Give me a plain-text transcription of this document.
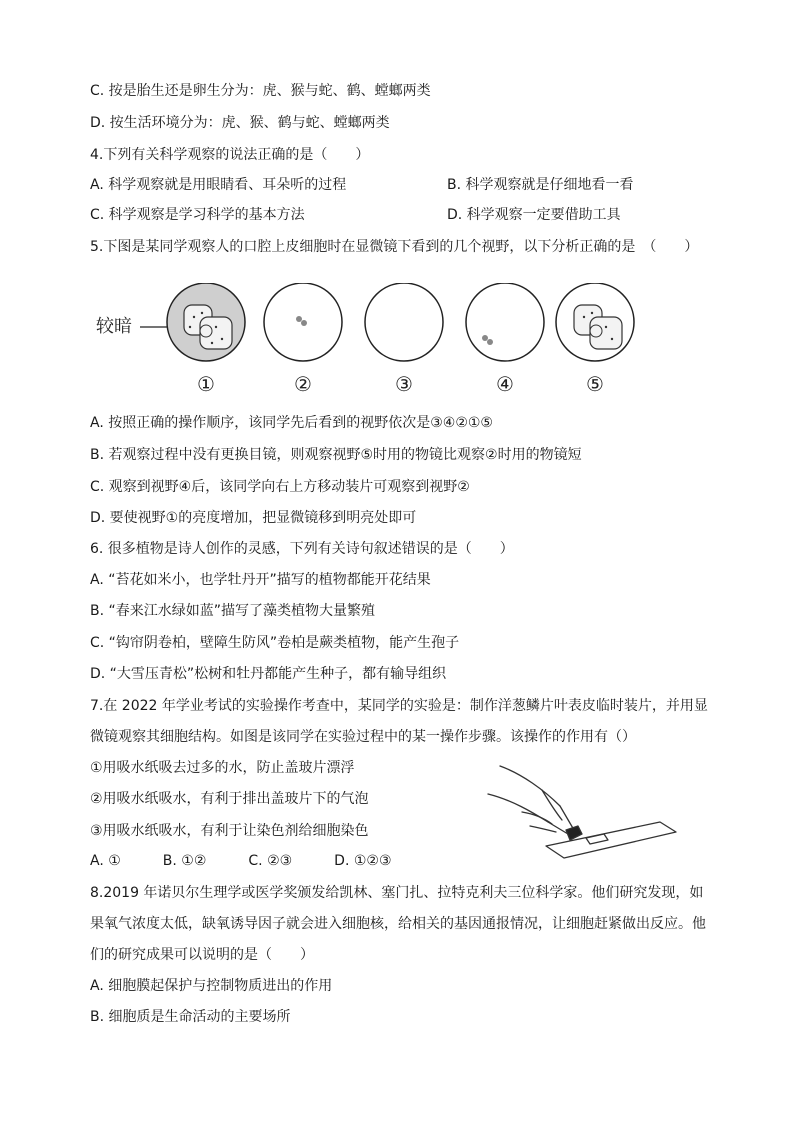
C. 按是胎生还是卵生分为：虎、猴与蛇、鹤、螳螂两类
D. 按生活环境分为：虎、猴、鹤与蛇、螳螂两类
4.下列有关科学观察的说法正确的是（　　）
A. 科学观察就是用眼睛看、耳朵听的过程	B. 科学观察就是仔细地看一看
C. 科学观察是学习科学的基本方法	D. 科学观察一定要借助工具
5.下图是某同学观察人的口腔上皮细胞时在显微镜下看到的几个视野，以下分析正确的是　（　　）
较暗
①	②	③	④	⑤
A. 按照正确的操作顺序，该同学先后看到的视野依次是③④②①⑤
B. 若观察过程中没有更换目镜，则观察视野⑤时用的物镜比观察②时用的物镜短
C. 观察到视野④后，该同学向右上方移动装片可观察到视野②
D. 要使视野①的亮度增加，把显微镜移到明亮处即可
6. 很多植物是诗人创作的灵感，下列有关诗句叙述错误的是（　　）
A. “苔花如米小，也学牡丹开”描写的植物都能开花结果
B. “春来江水绿如蓝”描写了藻类植物大量繁殖
C. “钩帘阴卷柏，壁障生防风”卷柏是蕨类植物，能产生孢子
D. “大雪压青松”松树和牡丹都能产生种子，都有输导组织
7.在 2022 年学业考试的实验操作考查中，某同学的实验是：制作洋葱鳞片叶表皮临时装片，并用显
微镜观察其细胞结构。如图是该同学在实验过程中的某一操作步骤。该操作的作用有（）
①用吸水纸吸去过多的水，防止盖玻片漂浮
②用吸水纸吸水，有利于排出盖玻片下的气泡
③用吸水纸吸水，有利于让染色剂给细胞染色
A. ①　　　B. ①②　　　C. ②③　　　D. ①②③
8.2019 年诺贝尔生理学或医学奖颁发给凯林、塞门扎、拉特克利夫三位科学家。他们研究发现，如
果氧气浓度太低，缺氧诱导因子就会进入细胞核，给相关的基因通报情况，让细胞赶紧做出反应。他
们的研究成果可以说明的是（　　）
A. 细胞膜起保护与控制物质进出的作用
B. 细胞质是生命活动的主要场所
